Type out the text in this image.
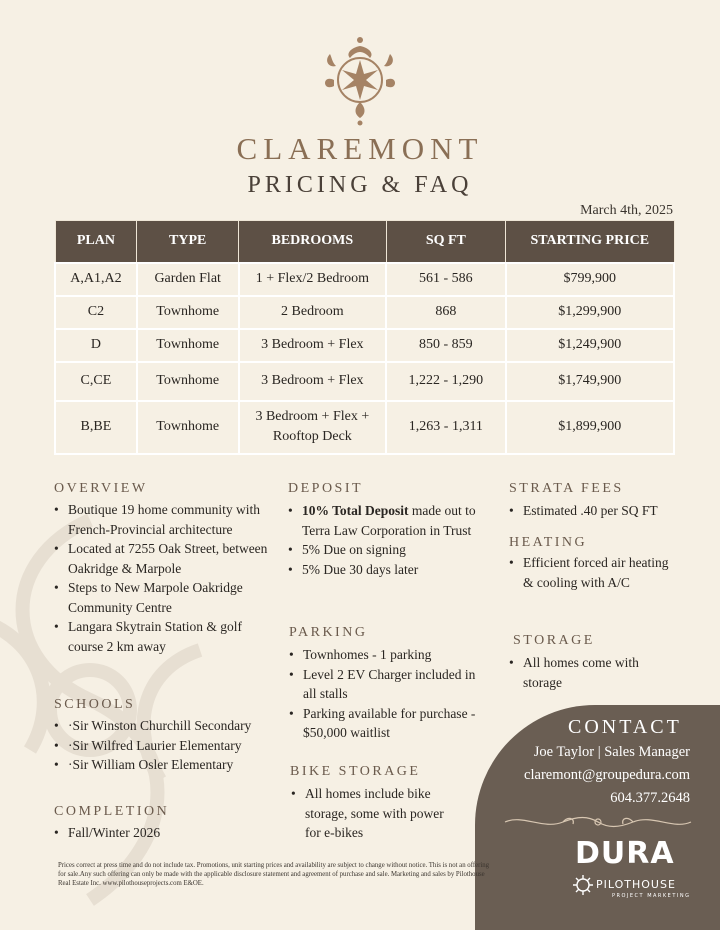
CLAREMONT
PRICING & FAQ
March 4th, 2025
PLAN	TYPE	BEDROOMS	SQ FT	STARTING PRICE
A,A1,A2	Garden Flat	1 + Flex/2 Bedroom	561 - 586	$799,900
C2	Townhome	2 Bedroom	868	$1,299,900
D	Townhome	3 Bedroom + Flex	850 - 859	$1,249,900
C,CE	Townhome	3 Bedroom + Flex	1,222 - 1,290	$1,749,900
B,BE	Townhome	3 Bedroom + Flex + Rooftop Deck	1,263 - 1,311	$1,899,900
OVERVIEW
• Boutique 19 home community with French-Provincial architecture
• Located at 7255 Oak Street, between Oakridge & Marpole
• Steps to New Marpole Oakridge Community Centre
• Langara Skytrain Station & golf course 2 km away
SCHOOLS
• ·Sir Winston Churchill Secondary
• ·Sir Wilfred Laurier Elementary
• ·Sir William Osler Elementary
COMPLETION
• Fall/Winter 2026
DEPOSIT
• 10% Total Deposit made out to Terra Law Corporation in Trust
• 5% Due on signing
• 5% Due 30 days later
PARKING
• Townhomes - 1 parking
• Level 2 EV Charger included in all stalls
• Parking available for purchase - $50,000 waitlist
BIKE STORAGE
• All homes include bike storage, some with power for e-bikes
STRATA FEES
• Estimated .40 per SQ FT
HEATING
• Efficient forced air heating & cooling with A/C
STORAGE
• All homes come with storage
CONTACT
Joe Taylor | Sales Manager
claremont@groupedura.com
604.377.2648
DURA
PILOTHOUSE
PROJECT MARKETING
Prices correct at press time and do not include tax. Promotions, unit starting prices and availability are subject to change without notice. This is not an offering for sale.Any such offering can only be made with the applicable disclosure statement and agreement of purchase and sale. Marketing and sales by Pilothouse Real Estate Inc. www.pilothouseprojects.com E&OE.
